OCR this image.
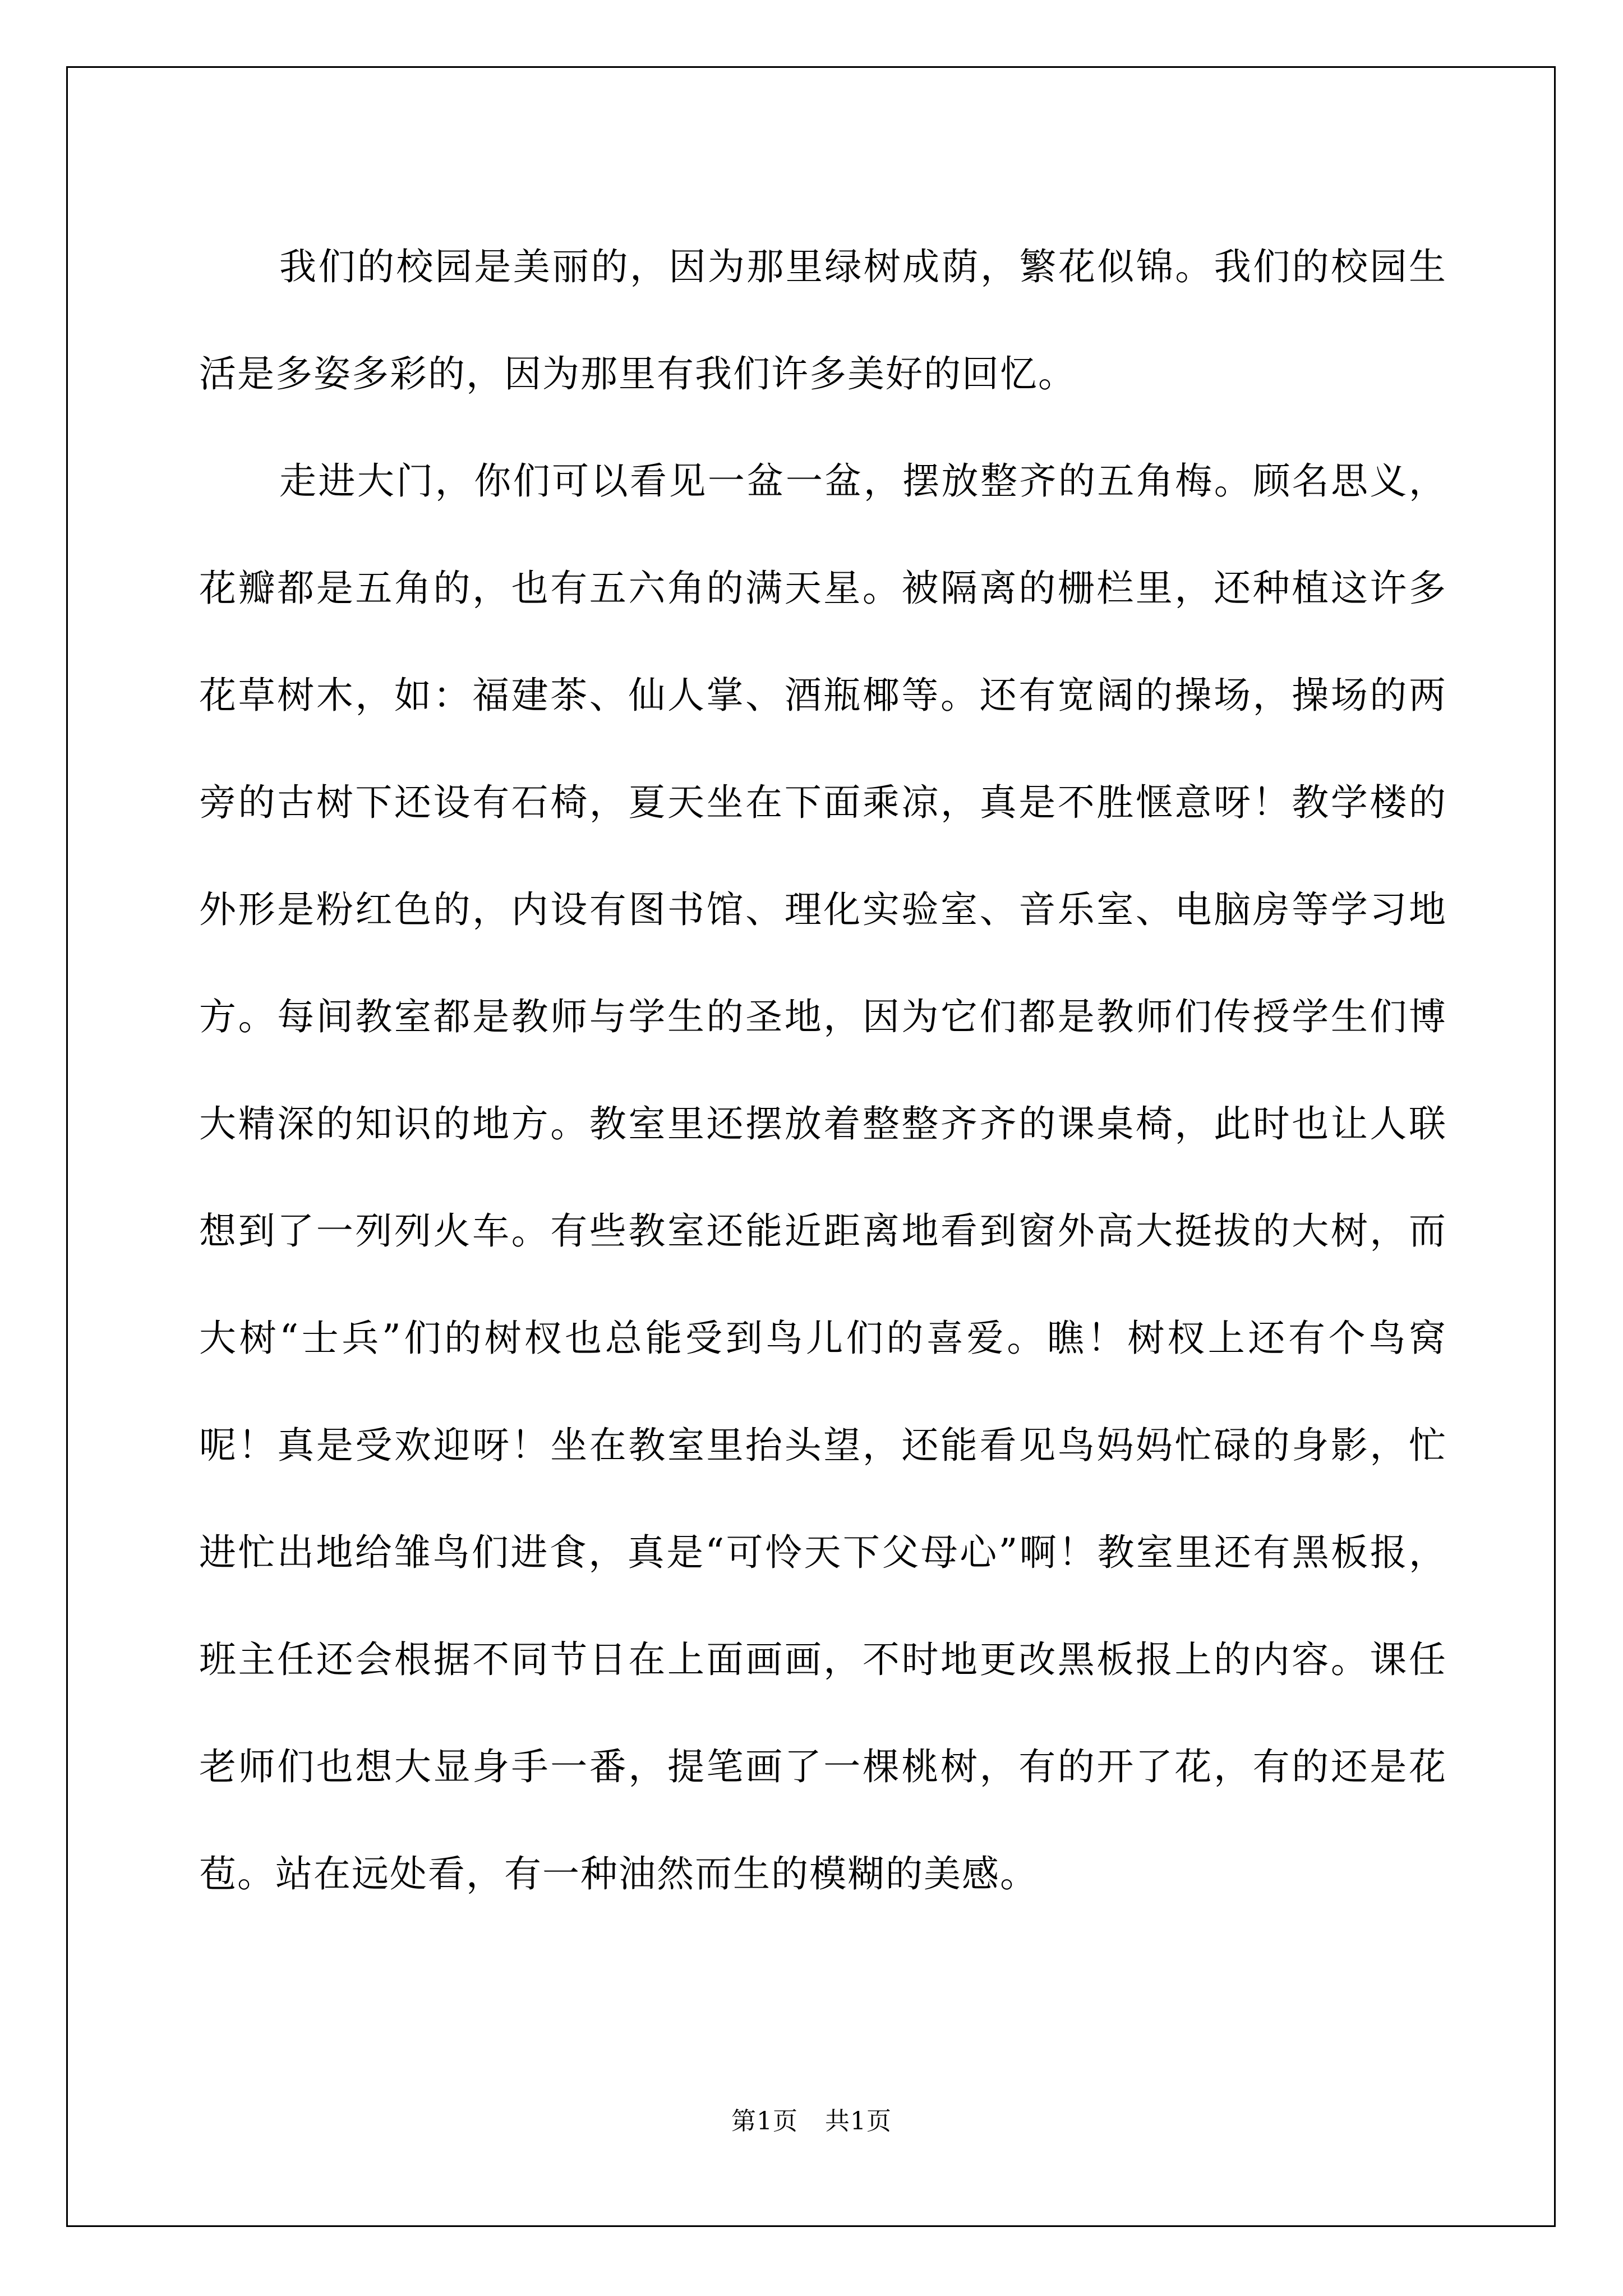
我们的校园是美丽的，因为那里绿树成荫，繁花似锦。我们的校园生活是多姿多彩的，因为那里有我们许多美好的回忆。

走进大门，你们可以看见一盆一盆，摆放整齐的五角梅。顾名思义，花瓣都是五角的，也有五六角的满天星。被隔离的栅栏里，还种植这许多花草树木，如：福建茶、仙人掌、酒瓶椰等。还有宽阔的操场，操场的两旁的古树下还设有石椅，夏天坐在下面乘凉，真是不胜惬意呀！教学楼的外形是粉红色的，内设有图书馆、理化实验室、音乐室、电脑房等学习地方。每间教室都是教师与学生的圣地，因为它们都是教师们传授学生们博大精深的知识的地方。教室里还摆放着整整齐齐的课桌椅，此时也让人联想到了一列列火车。有些教室还能近距离地看到窗外高大挺拔的大树，而大树“士兵”们的树杈也总能受到鸟儿们的喜爱。瞧！树杈上还有个鸟窝呢！真是受欢迎呀！坐在教室里抬头望，还能看见鸟妈妈忙碌的身影，忙进忙出地给雏鸟们进食，真是“可怜天下父母心”啊！教室里还有黑板报，班主任还会根据不同节日在上面画画，不时地更改黑板报上的内容。课任老师们也想大显身手一番，提笔画了一棵桃树，有的开了花，有的还是花苞。站在远处看，有一种油然而生的模糊的美感。

第1页 共1页
